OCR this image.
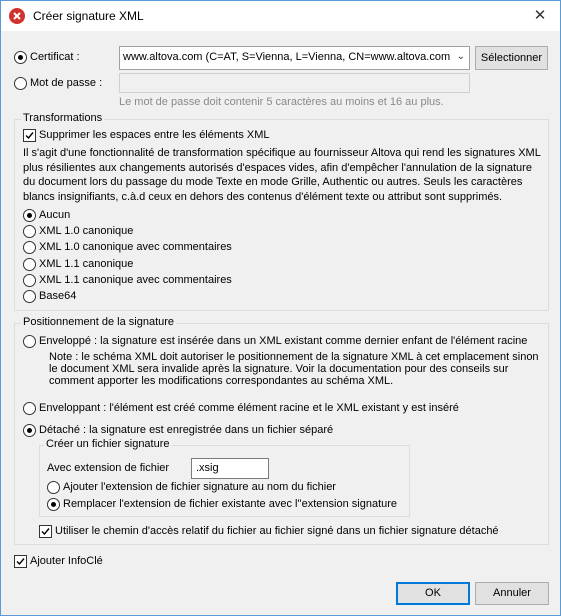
Créer signature XML	✕
Certificat :	www.altova.com (C=AT, S=Vienna, L=Vienna, CN=www.altova.com ⌄	Sélectionner
Mot de passe :
Le mot de passe doit contenir 5 caractères au moins et 16 au plus.
Transformations
Supprimer les espaces entre les éléments XML
Il s'agit d'une fonctionnalité de transformation spécifique au fournisseur Altova qui rend les signatures XML plus résilientes aux changements autorisés d'espaces vides, afin d'empêcher l'annulation de la signature du document lors du passage du mode Texte en mode Grille, Authentic ou autres. Seuls les caractères blancs insignifiants, c.à.d ceux en dehors des contenus d'élément texte ou attribut sont supprimés.
Aucun
XML 1.0 canonique
XML 1.0 canonique avec commentaires
XML 1.1 canonique
XML 1.1 canonique avec commentaires
Base64
Positionnement de la signature
Enveloppé : la signature est insérée dans un XML existant comme dernier enfant de l'élément racine
Note : le schéma XML doit autoriser le positionnement de la signature XML à cet emplacement sinon le document XML sera invalide après la signature. Voir la documentation pour des conseils sur comment apporter les modifications correspondantes au schéma XML.
Enveloppant : l'élément est créé comme élément racine et le XML existant y est inséré
Détaché : la signature est enregistrée dans un fichier séparé
Créer un fichier signature
Avec extension de fichier .xsig
Ajouter l'extension de fichier signature au nom du fichier
Remplacer l'extension de fichier existante avec l''extension signature
Utiliser le chemin d'accès relatif du fichier au fichier signé dans un fichier signature détaché
Ajouter InfoClé
OK	Annuler
